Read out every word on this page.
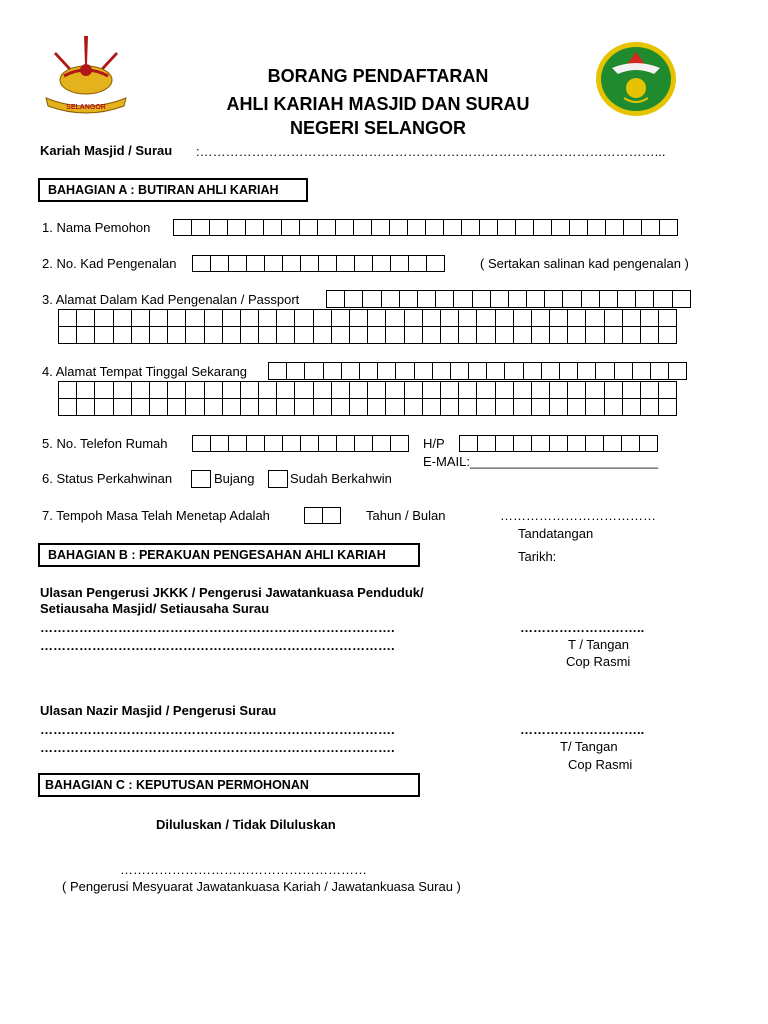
SELANGOR
BORANG PENDAFTARAN
AHLI KARIAH MASJID DAN SURAU
NEGERI SELANGOR
Kariah Masjid / Surau :……………………………………………………………………………………………...
BAHAGIAN A : BUTIRAN AHLI KARIAH
1. Nama Pemohon
2. No. Kad Pengenalan	( Sertakan salinan kad pengenalan )
3. Alamat Dalam Kad Pengenalan / Passport
4. Alamat Tempat Tinggal Sekarang
5. No. Telefon Rumah	H/P
E-MAIL:__________________________
6. Status Perkahwinan	Bujang	Sudah Berkahwin
7. Tempoh Masa Telah Menetap Adalah	Tahun / Bulan	………………………………
Tandatangan
BAHAGIAN B : PERAKUAN PENGESAHAN AHLI KARIAH	Tarikh:
Ulasan Pengerusi JKKK / Pengerusi Jawatankuasa Penduduk/
Setiausaha Masjid/ Setiausaha Surau
……………………………………………………………………….
……………………………………………………………………….
………………………..
T / Tangan
Cop Rasmi
Ulasan Nazir Masjid / Pengerusi Surau
……………………………………………………………………….
……………………………………………………………………….
………………………..
T/ Tangan
Cop Rasmi
BAHAGIAN C : KEPUTUSAN PERMOHONAN
Diluluskan / Tidak Diluluskan
…………………………………………………
( Pengerusi Mesyuarat Jawatankuasa Kariah / Jawatankuasa Surau )
